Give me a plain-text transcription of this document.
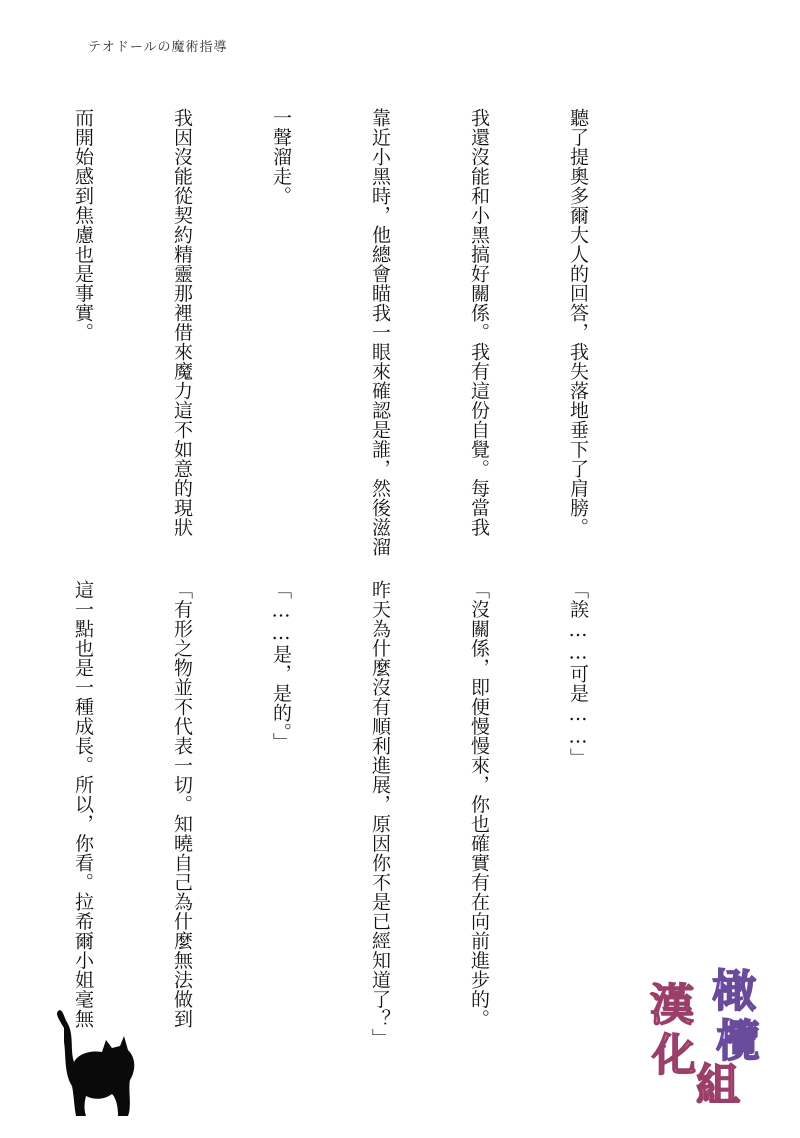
テオドールの魔術指導

聽了提奧多爾大人的回答，我失落地垂下了肩膀。

我還沒能和小黑搞好關係。我有這份自覺。每當我

靠近小黑時，他總會瞄我一眼來確認是誰，然後滋溜

一聲溜走。

我因沒能從契約精靈那裡借來魔力這不如意的現狀

而開始感到焦慮也是事實。

「誒……可是……」

「沒關係，即便慢慢來，你也確實有在向前進步的。

昨天為什麼沒有順利進展，原因你不是已經知道了？」

「……是，是的。」

「有形之物並不代表一切。知曉自己為什麼無法做到

這一點也是一種成長。所以，你看。拉希爾小姐毫無

	橄
欖
漢
化
組
